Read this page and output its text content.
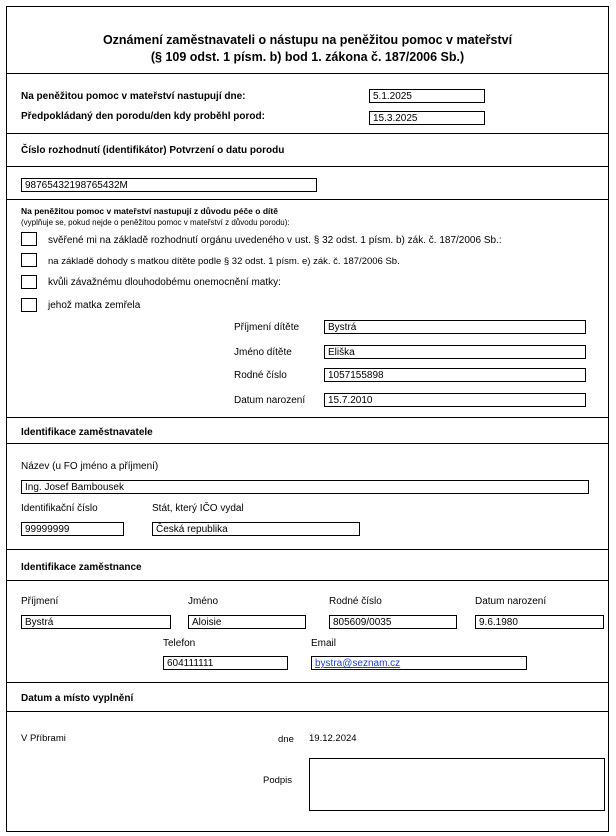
Oznámení zaměstnavateli o nástupu na peněžitou pomoc v mateřství
(§ 109 odst. 1 písm. b) bod 1. zákona č. 187/2006 Sb.)
Na peněžitou pomoc v mateřství nastupují dne:	5.1.2025
Předpokládaný den porodu/den kdy proběhl porod:	15.3.2025
Číslo rozhodnutí (identifikátor) Potvrzení o datu porodu
98765432198765432M
Na peněžitou pomoc v mateřství nastupují z důvodu péče o dítě
(vyplňuje se, pokud nejde o peněžitou pomoc v mateřství z důvodu porodu):
svěřené mi na základě rozhodnutí orgánu uvedeného v ust. § 32 odst. 1 písm. b) zák. č. 187/2006 Sb.:
na základě dohody s matkou dítěte podle § 32 odst. 1 písm. e) zák. č. 187/2006 Sb.
kvůli závažnému dlouhodobému onemocnění matky:
jehož matka zemřela
Příjmení dítěte	Bystrá
Jméno dítěte	Eliška
Rodné číslo	1057155898
Datum narození	15.7.2010
Identifikace zaměstnavatele
Název (u FO jméno a příjmení)
Ing. Josef Bambousek
Identifikační číslo
99999999
Stát, který IČO vydal
Česká republika
Identifikace zaměstnance
Příjmení
Bystrá
Jméno
Aloisie
Rodné číslo
805609/0035
Datum narození
9.6.1980
Telefon
604111111
Email
bystra@seznam.cz
Datum a místo vyplnění
V Příbrami	dne 19.12.2024
Podpis
